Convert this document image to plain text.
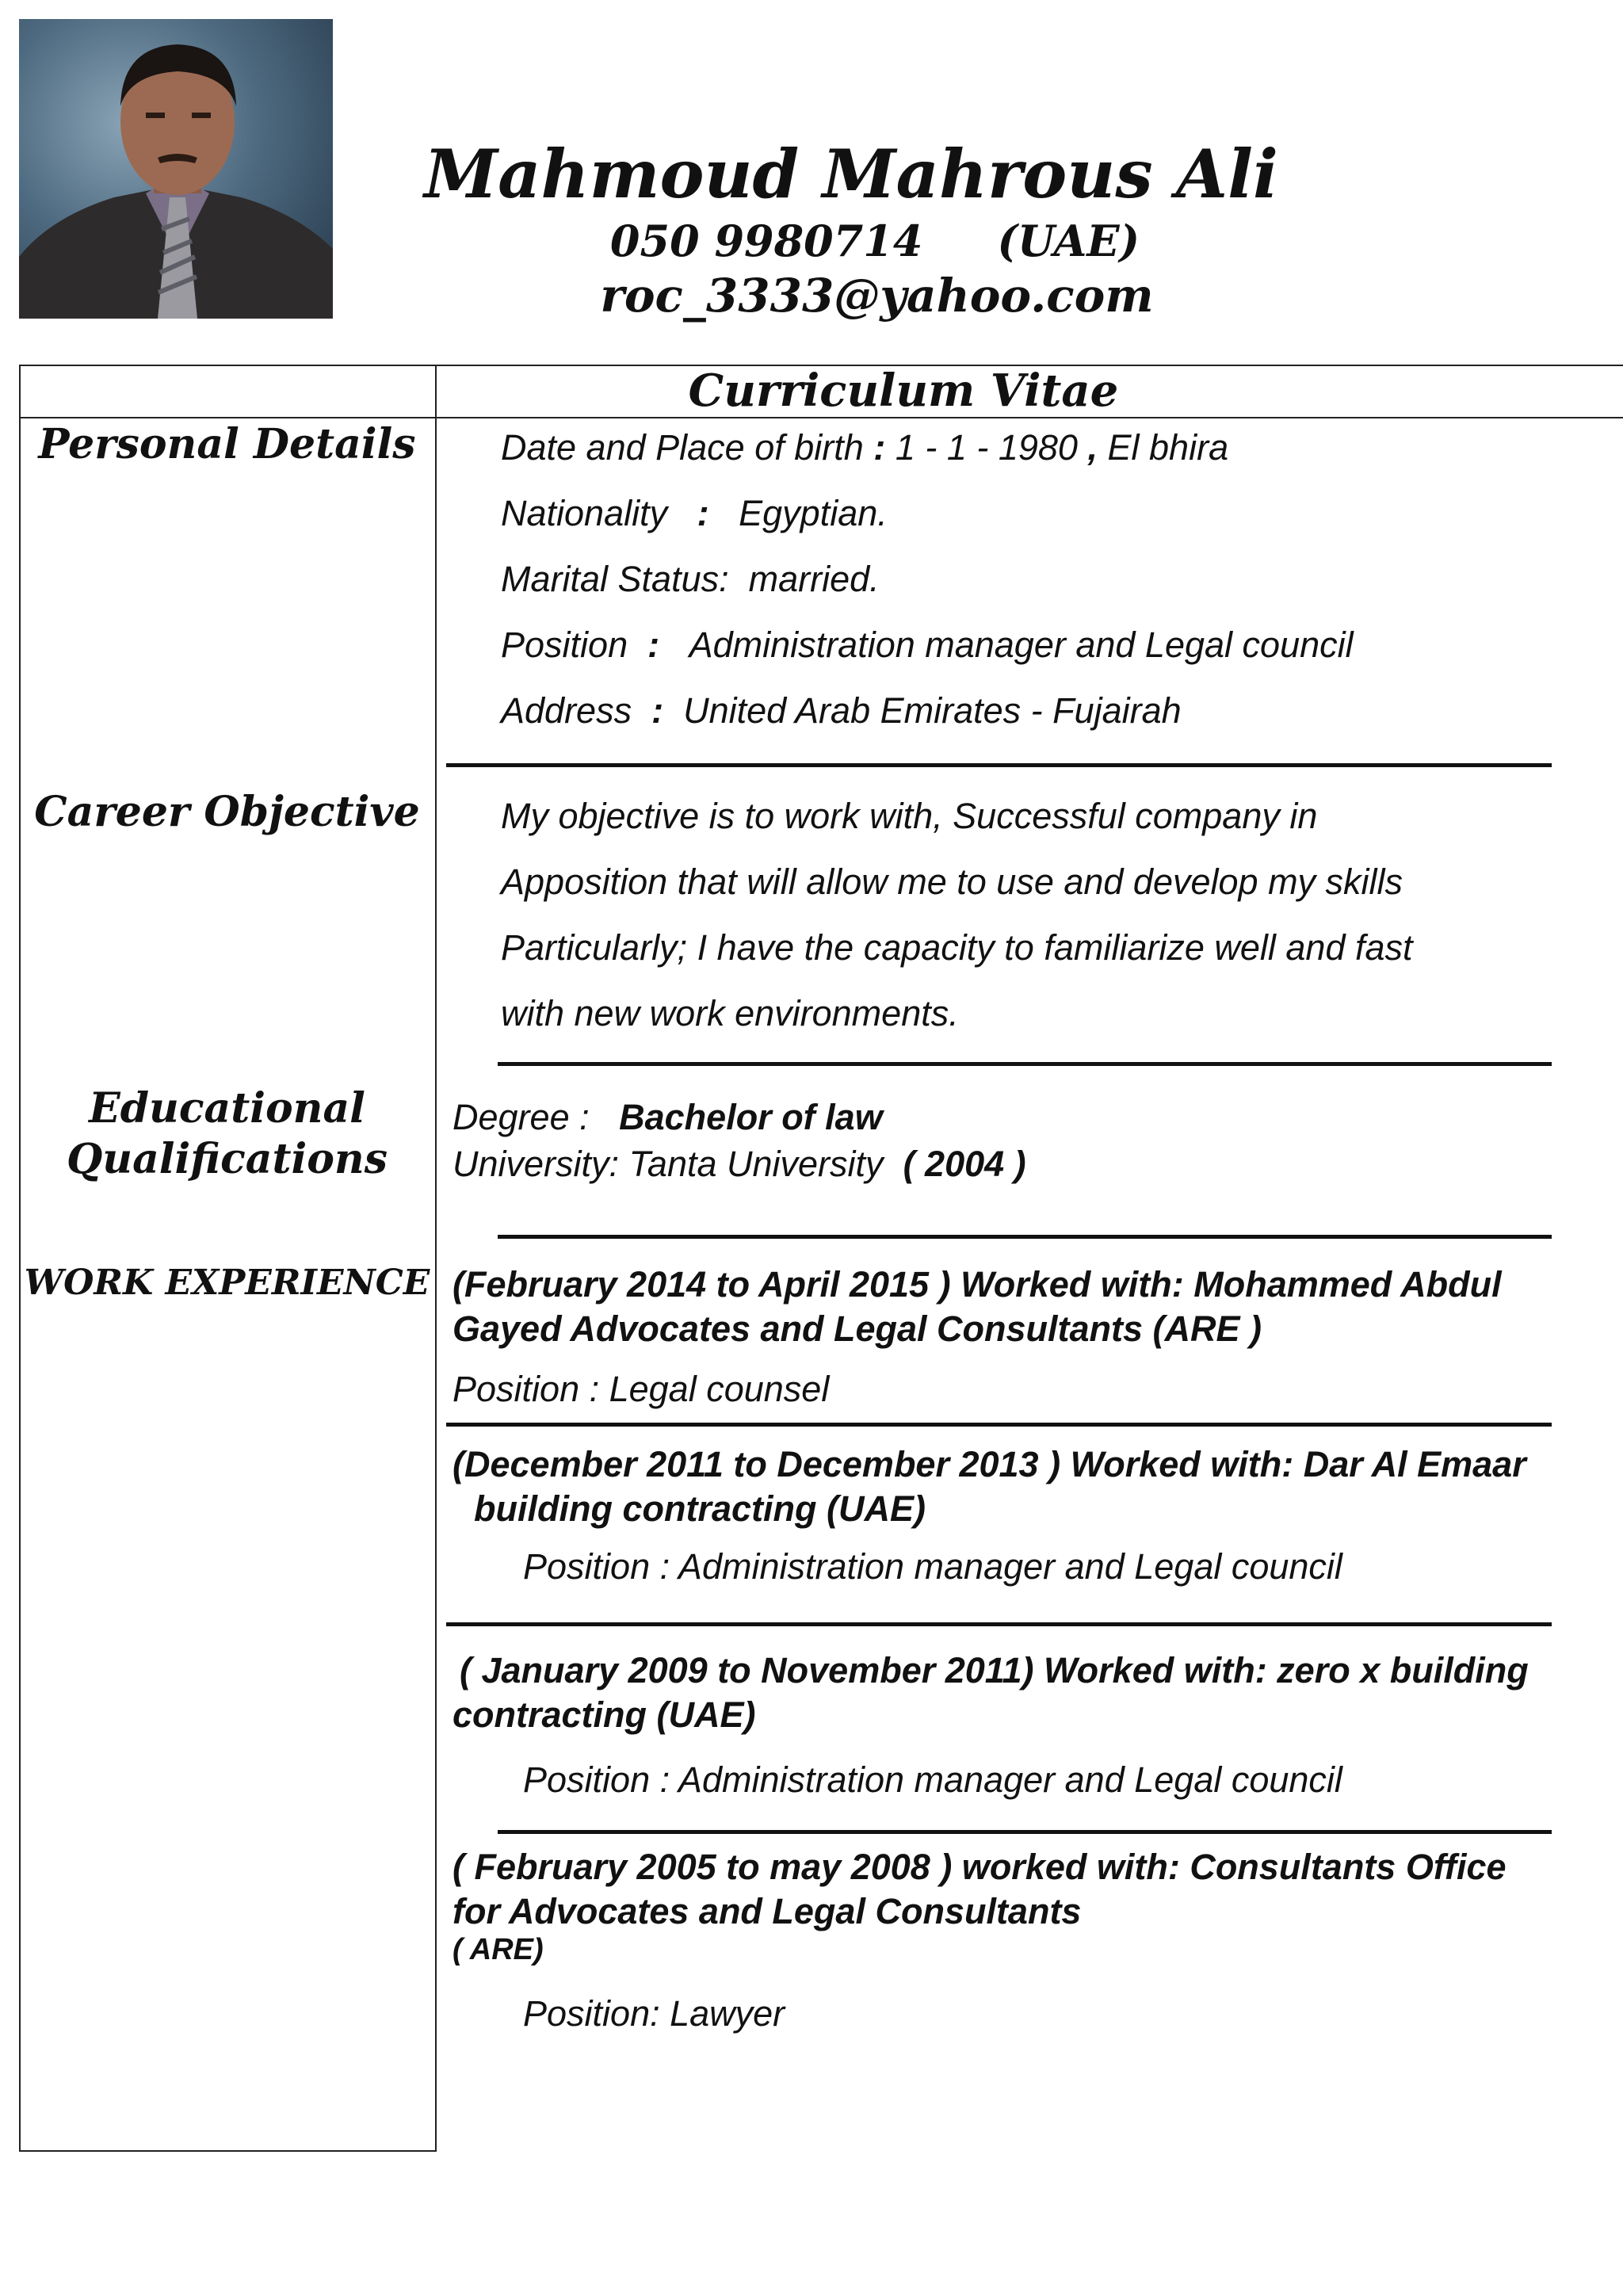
Mahmoud Mahrous Ali
050 9980714 (UAE)
roc_3333@yahoo.com
Curriculum Vitae
Personal Details
Career Objective
Educational
Qualifications
WORK EXPERIENCE
Date and Place of birth : 1 - 1 - 1980 , El bhira
Nationality : Egyptian.
Marital Status: married.
Position : Administration manager and Legal council
Address : United Arab Emirates - Fujairah
My objective is to work with, Successful company in
Apposition that will allow me to use and develop my skills
Particularly; I have the capacity to familiarize well and fast
with new work environments.
Degree : Bachelor of law
University: Tanta University ( 2004 )
(February 2014 to April 2015 ) Worked with: Mohammed Abdul
Gayed Advocates and Legal Consultants (ARE )
Position : Legal counsel
(December 2011 to December 2013 ) Worked with: Dar Al Emaar
building contracting (UAE)
Position : Administration manager and Legal council
( January 2009 to November 2011) Worked with: zero x building
contracting (UAE)
Position : Administration manager and Legal council
( February 2005 to may 2008 ) worked with: Consultants Office
for Advocates and Legal Consultants
( ARE)
Position: Lawyer
